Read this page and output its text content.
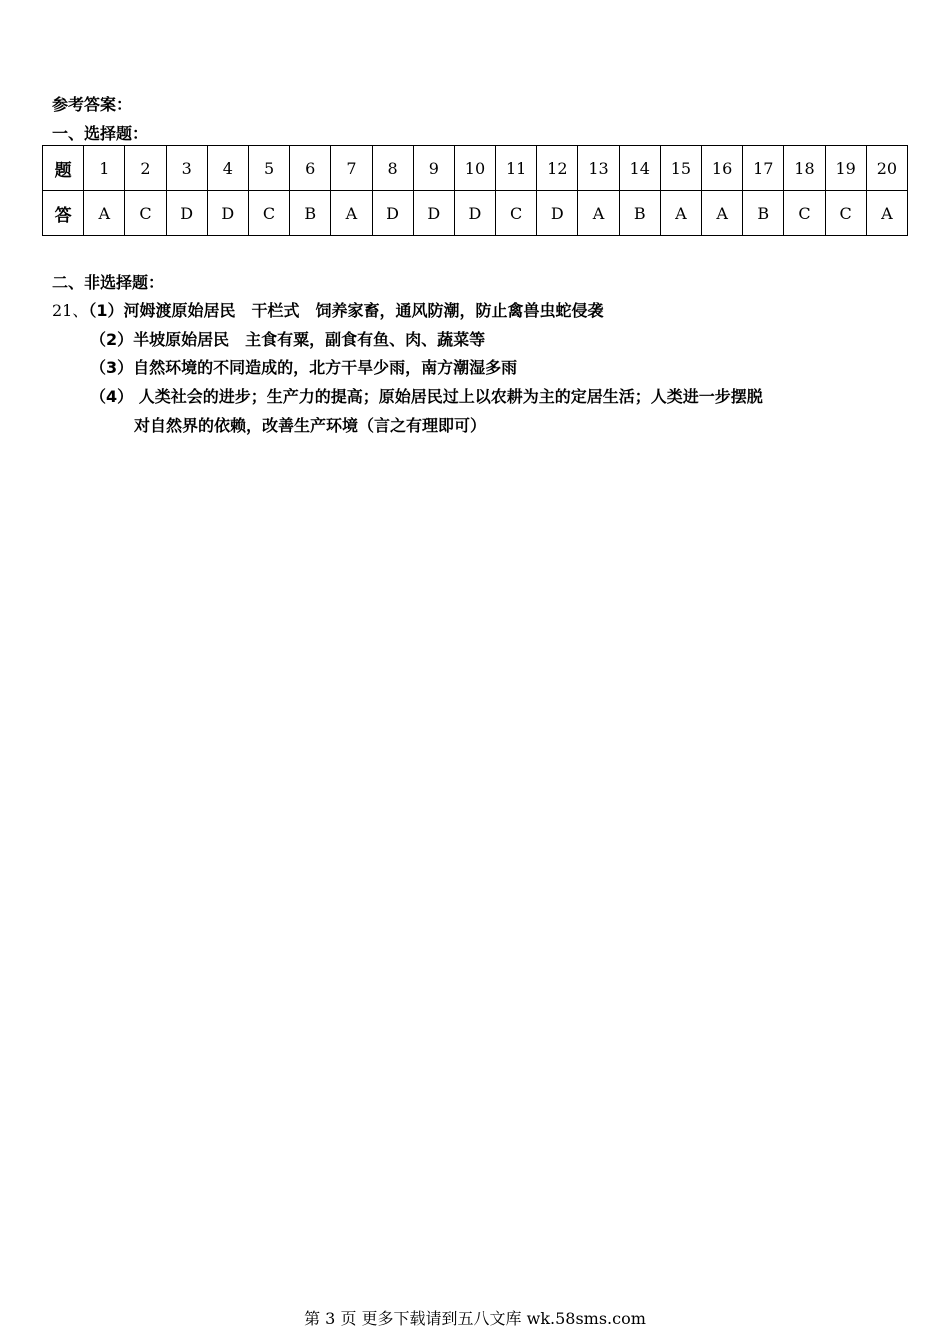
参考答案：
一、选择题：
题	1	2	3	4	5	6	7	8	9	10	11	12	13	14	15	16	17	18	19	20
答	A	C	D	D	C	B	A	D	D	D	C	D	A	B	A	A	B	C	C	A
二、非选择题：
21、（1）河姆渡原始居民　干栏式　饲养家畜，通风防潮，防止禽兽虫蛇侵袭
（2）半坡原始居民　主食有粟，副食有鱼、肉、蔬菜等
（3）自然环境的不同造成的，北方干旱少雨，南方潮湿多雨
（4） 人类社会的进步；生产力的提高；原始居民过上以农耕为主的定居生活；人类进一步摆脱
对自然界的依赖，改善生产环境（言之有理即可）
第 3 页 更多下载请到五八文库 wk.58sms.com
